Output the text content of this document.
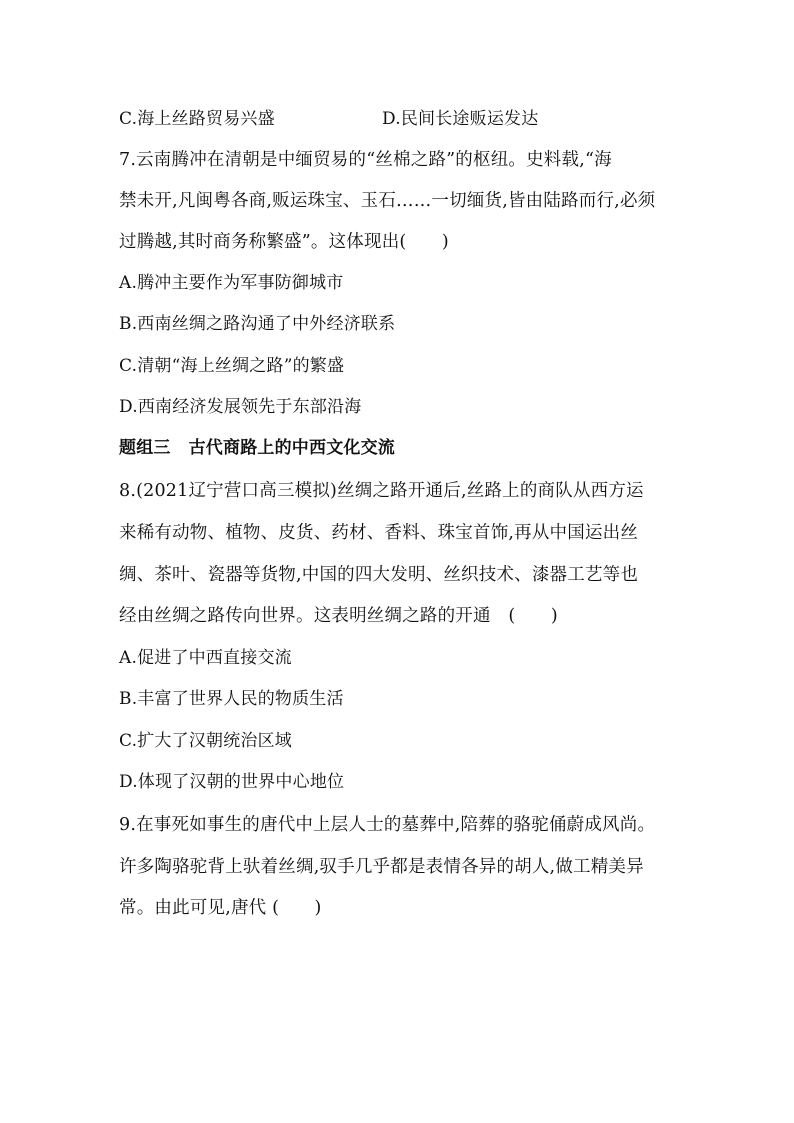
C.海上丝路贸易兴盛	D.民间长途贩运发达
7.云南腾冲在清朝是中缅贸易的“丝棉之路”的枢纽。史料载,“海
禁未开,凡闽粤各商,贩运珠宝、玉石……一切缅货,皆由陆路而行,必须
过腾越,其时商务称繁盛”。这体现出(　　)
A.腾冲主要作为军事防御城市
B.西南丝绸之路沟通了中外经济联系
C.清朝“海上丝绸之路”的繁盛
D.西南经济发展领先于东部沿海
题组三 古代商路上的中西文化交流
8.(2021辽宁营口高三模拟)丝绸之路开通后,丝路上的商队从西方运
来稀有动物、植物、皮货、药材、香料、珠宝首饰,再从中国运出丝
绸、茶叶、瓷器等货物,中国的四大发明、丝织技术、漆器工艺等也
经由丝绸之路传向世界。这表明丝绸之路的开通　(　　)
A.促进了中西直接交流
B.丰富了世界人民的物质生活
C.扩大了汉朝统治区域
D.体现了汉朝的世界中心地位
9.在事死如事生的唐代中上层人士的墓葬中,陪葬的骆驼俑蔚成风尚。
许多陶骆驼背上驮着丝绸,驭手几乎都是表情各异的胡人,做工精美异
常。由此可见,唐代 (　　)
